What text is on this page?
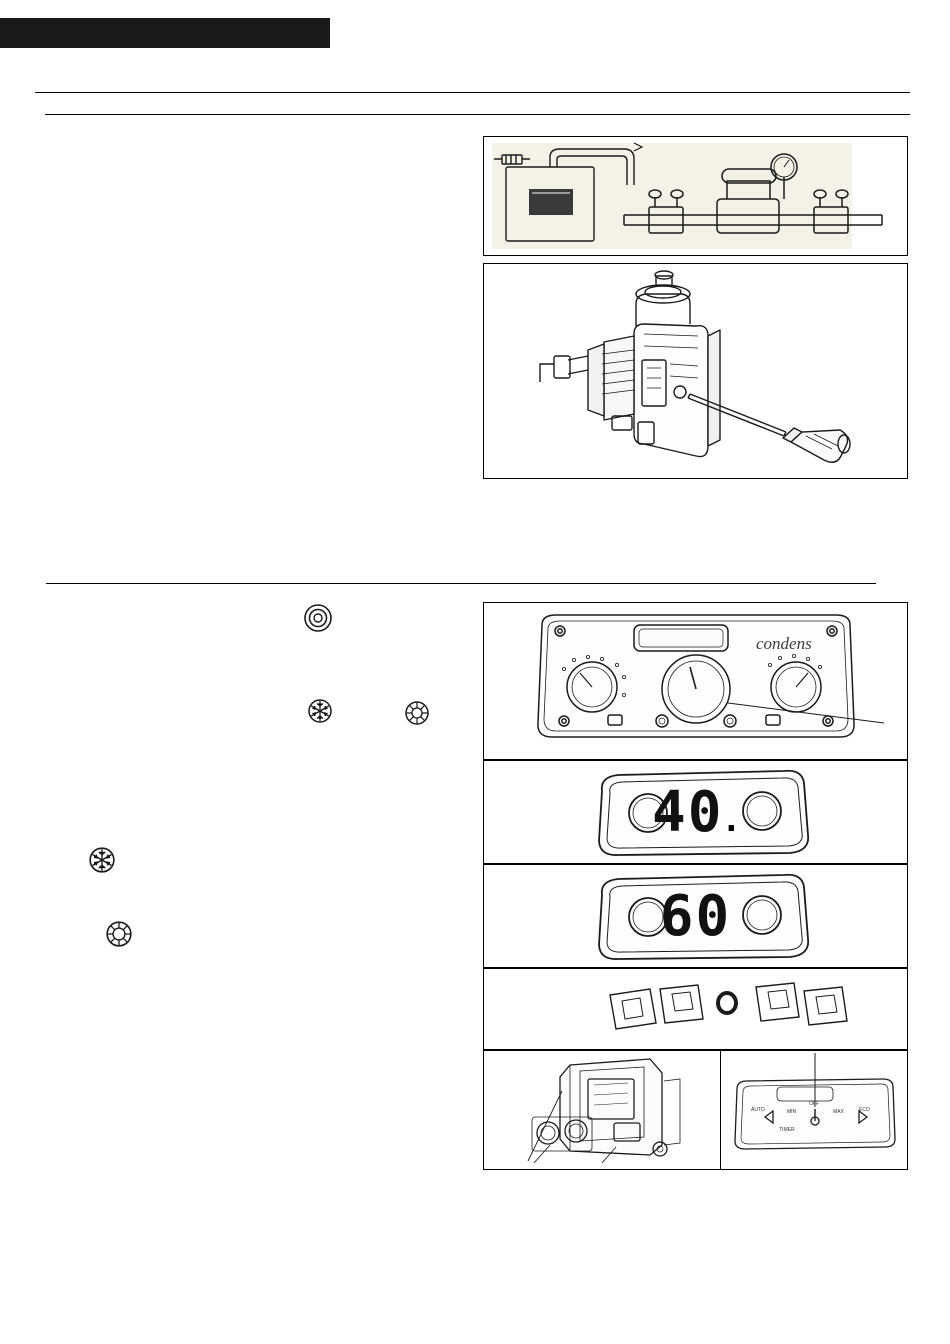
condens
40 .
60
AUTO
OFF
ECO
MIN	MAX
TIMER
